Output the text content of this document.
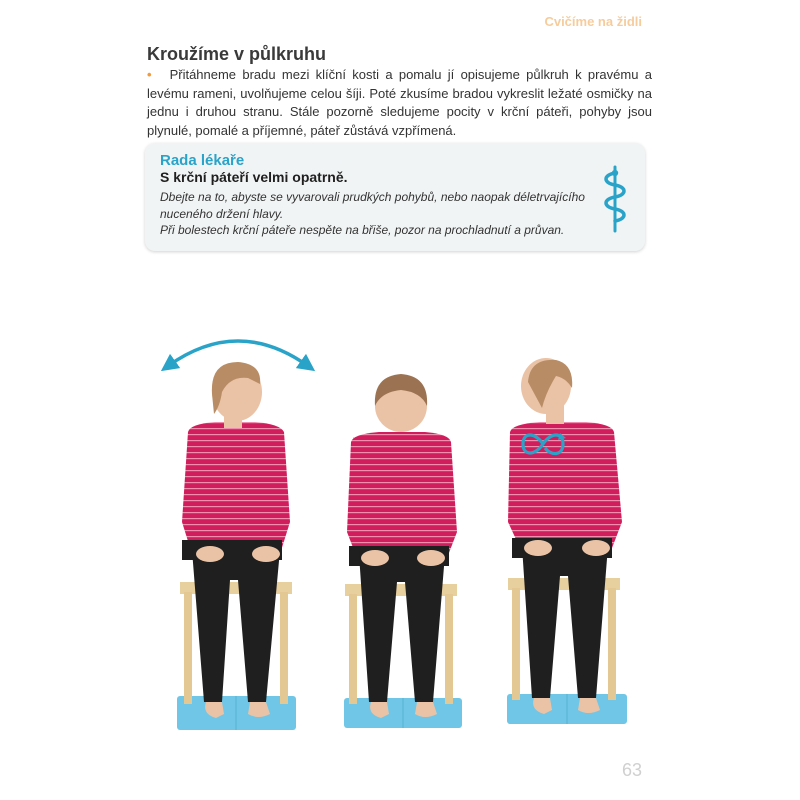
Cvičíme na židli
Kroužíme v půlkruhu

• Přitáhneme bradu mezi klíční kosti a pomalu jí opisujeme půlkruh k pravému a levému rameni, uvolňujeme celou šíji. Poté zkusíme bradou vykreslit ležaté osmičky na jednu i druhou stranu. Stále pozorně sledujeme pocity v krční páteři, pohyby jsou plynulé, pomalé a příjemné, páteř zůstává vzpřímená.

Rada lékaře
S krční páteří velmi opatrně.
Dbejte na to, abyste se vyvarovali prudkých pohybů, nebo naopak déletrvajícího nuceného držení hlavy.
Při bolestech krční páteře nespěte na břiše, pozor na prochladnutí a průvan.
63
